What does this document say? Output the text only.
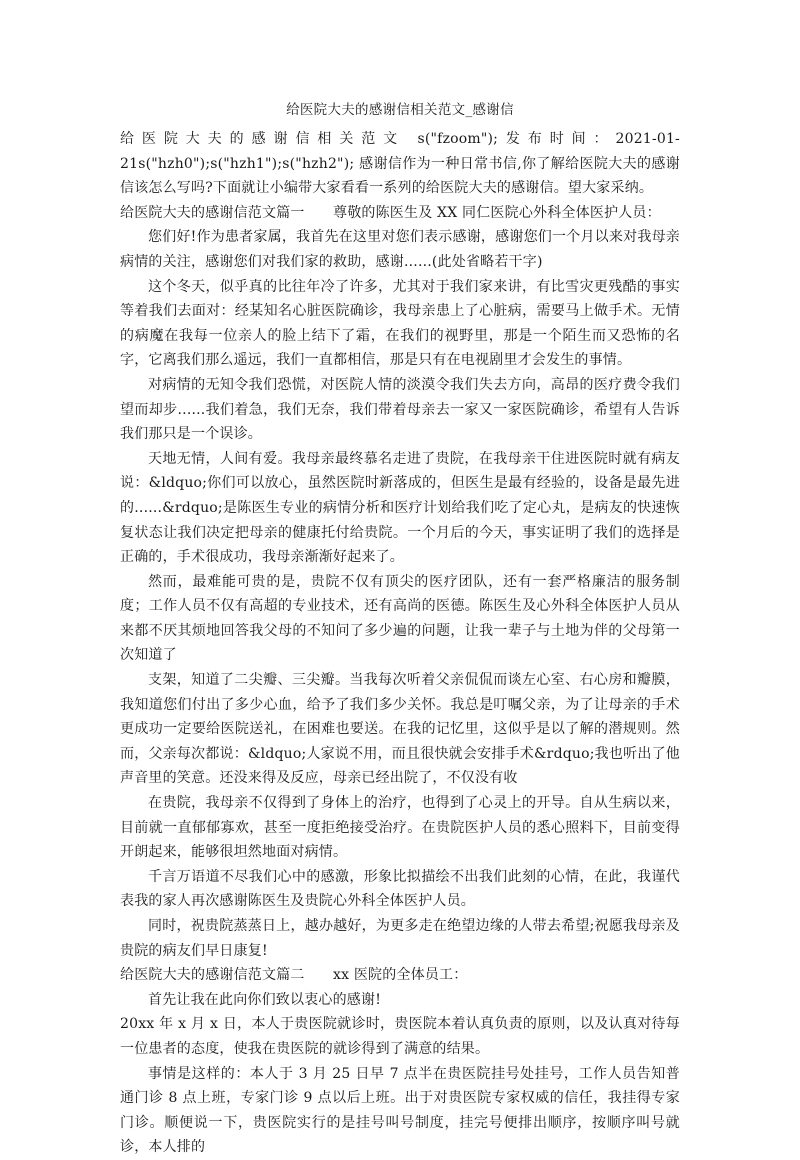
给医院大夫的感谢信相关范文_感谢信

给医院大夫的感谢信相关范文 s("fzoom");发布时间：2021-01-21s("hzh0");s("hzh1");s("hzh2"); 感谢信作为一种日常书信,你了解给医院大夫的感谢信该怎么写吗?下面就让小编带大家看看一系列的给医院大夫的感谢信。望大家采纳。

给医院大夫的感谢信范文篇一　　尊敬的陈医生及 XX 同仁医院心外科全体医护人员：

您们好!作为患者家属，我首先在这里对您们表示感谢，感谢您们一个月以来对我母亲病情的关注，感谢您们对我们家的救助，感谢......(此处省略若干字)

这个冬天，似乎真的比往年冷了许多，尤其对于我们家来讲，有比雪灾更残酷的事实等着我们去面对：经某知名心脏医院确诊，我母亲患上了心脏病，需要马上做手术。无情的病魔在我每一位亲人的脸上结下了霜，在我们的视野里，那是一个陌生而又恐怖的名字，它离我们那么遥远，我们一直都相信，那是只有在电视剧里才会发生的事情。

对病情的无知令我们恐慌，对医院人情的淡漠令我们失去方向，高昂的医疗费令我们望而却步......我们着急，我们无奈，我们带着母亲去一家又一家医院确诊，希望有人告诉我们那只是一个误诊。

天地无情，人间有爱。我母亲最终慕名走进了贵院，在我母亲干住进医院时就有病友说：&ldquo;你们可以放心，虽然医院时新落成的，但医生是最有经验的，设备是最先进的......&rdquo;是陈医生专业的病情分析和医疗计划给我们吃了定心丸，是病友的快速恢复状态让我们决定把母亲的健康托付给贵院。一个月后的今天，事实证明了我们的选择是正确的，手术很成功，我母亲渐渐好起来了。

然而，最难能可贵的是，贵院不仅有顶尖的医疗团队，还有一套严格廉洁的服务制度；工作人员不仅有高超的专业技术，还有高尚的医德。陈医生及心外科全体医护人员从来都不厌其烦地回答我父母的不知问了多少遍的问题，让我一辈子与土地为伴的父母第一次知道了

支架，知道了二尖瓣、三尖瓣。当我每次听着父亲侃侃而谈左心室、右心房和瓣膜，我知道您们付出了多少心血，给予了我们多少关怀。我总是叮嘱父亲，为了让母亲的手术更成功一定要给医院送礼，在困难也要送。在我的记忆里，这似乎是以了解的潜规则。然而，父亲每次都说：&ldquo;人家说不用，而且很快就会安排手术&rdquo;我也听出了他声音里的笑意。还没来得及反应，母亲已经出院了，不仅没有收

在贵院，我母亲不仅得到了身体上的治疗，也得到了心灵上的开导。自从生病以来，目前就一直郁郁寡欢，甚至一度拒绝接受治疗。在贵院医护人员的悉心照料下，目前变得开朗起来，能够很坦然地面对病情。

千言万语道不尽我们心中的感激，形象比拟描绘不出我们此刻的心情，在此，我谨代表我的家人再次感谢陈医生及贵院心外科全体医护人员。

同时，祝贵院蒸蒸日上，越办越好，为更多走在绝望边缘的人带去希望;祝愿我母亲及贵院的病友们早日康复!

给医院大夫的感谢信范文篇二　　xx 医院的全体员工：

首先让我在此向你们致以衷心的感谢!

20xx 年 x 月 x 日，本人于贵医院就诊时，贵医院本着认真负责的原则，以及认真对待每一位患者的态度，使我在贵医院的就诊得到了满意的结果。

事情是这样的：本人于 3 月 25 日早 7 点半在贵医院挂号处挂号，工作人员告知普通门诊 8 点上班，专家门诊 9 点以后上班。出于对贵医院专家权威的信任，我挂得专家门诊。顺便说一下，贵医院实行的是挂号叫号制度，挂完号便排出顺序，按顺序叫号就诊，本人排的
